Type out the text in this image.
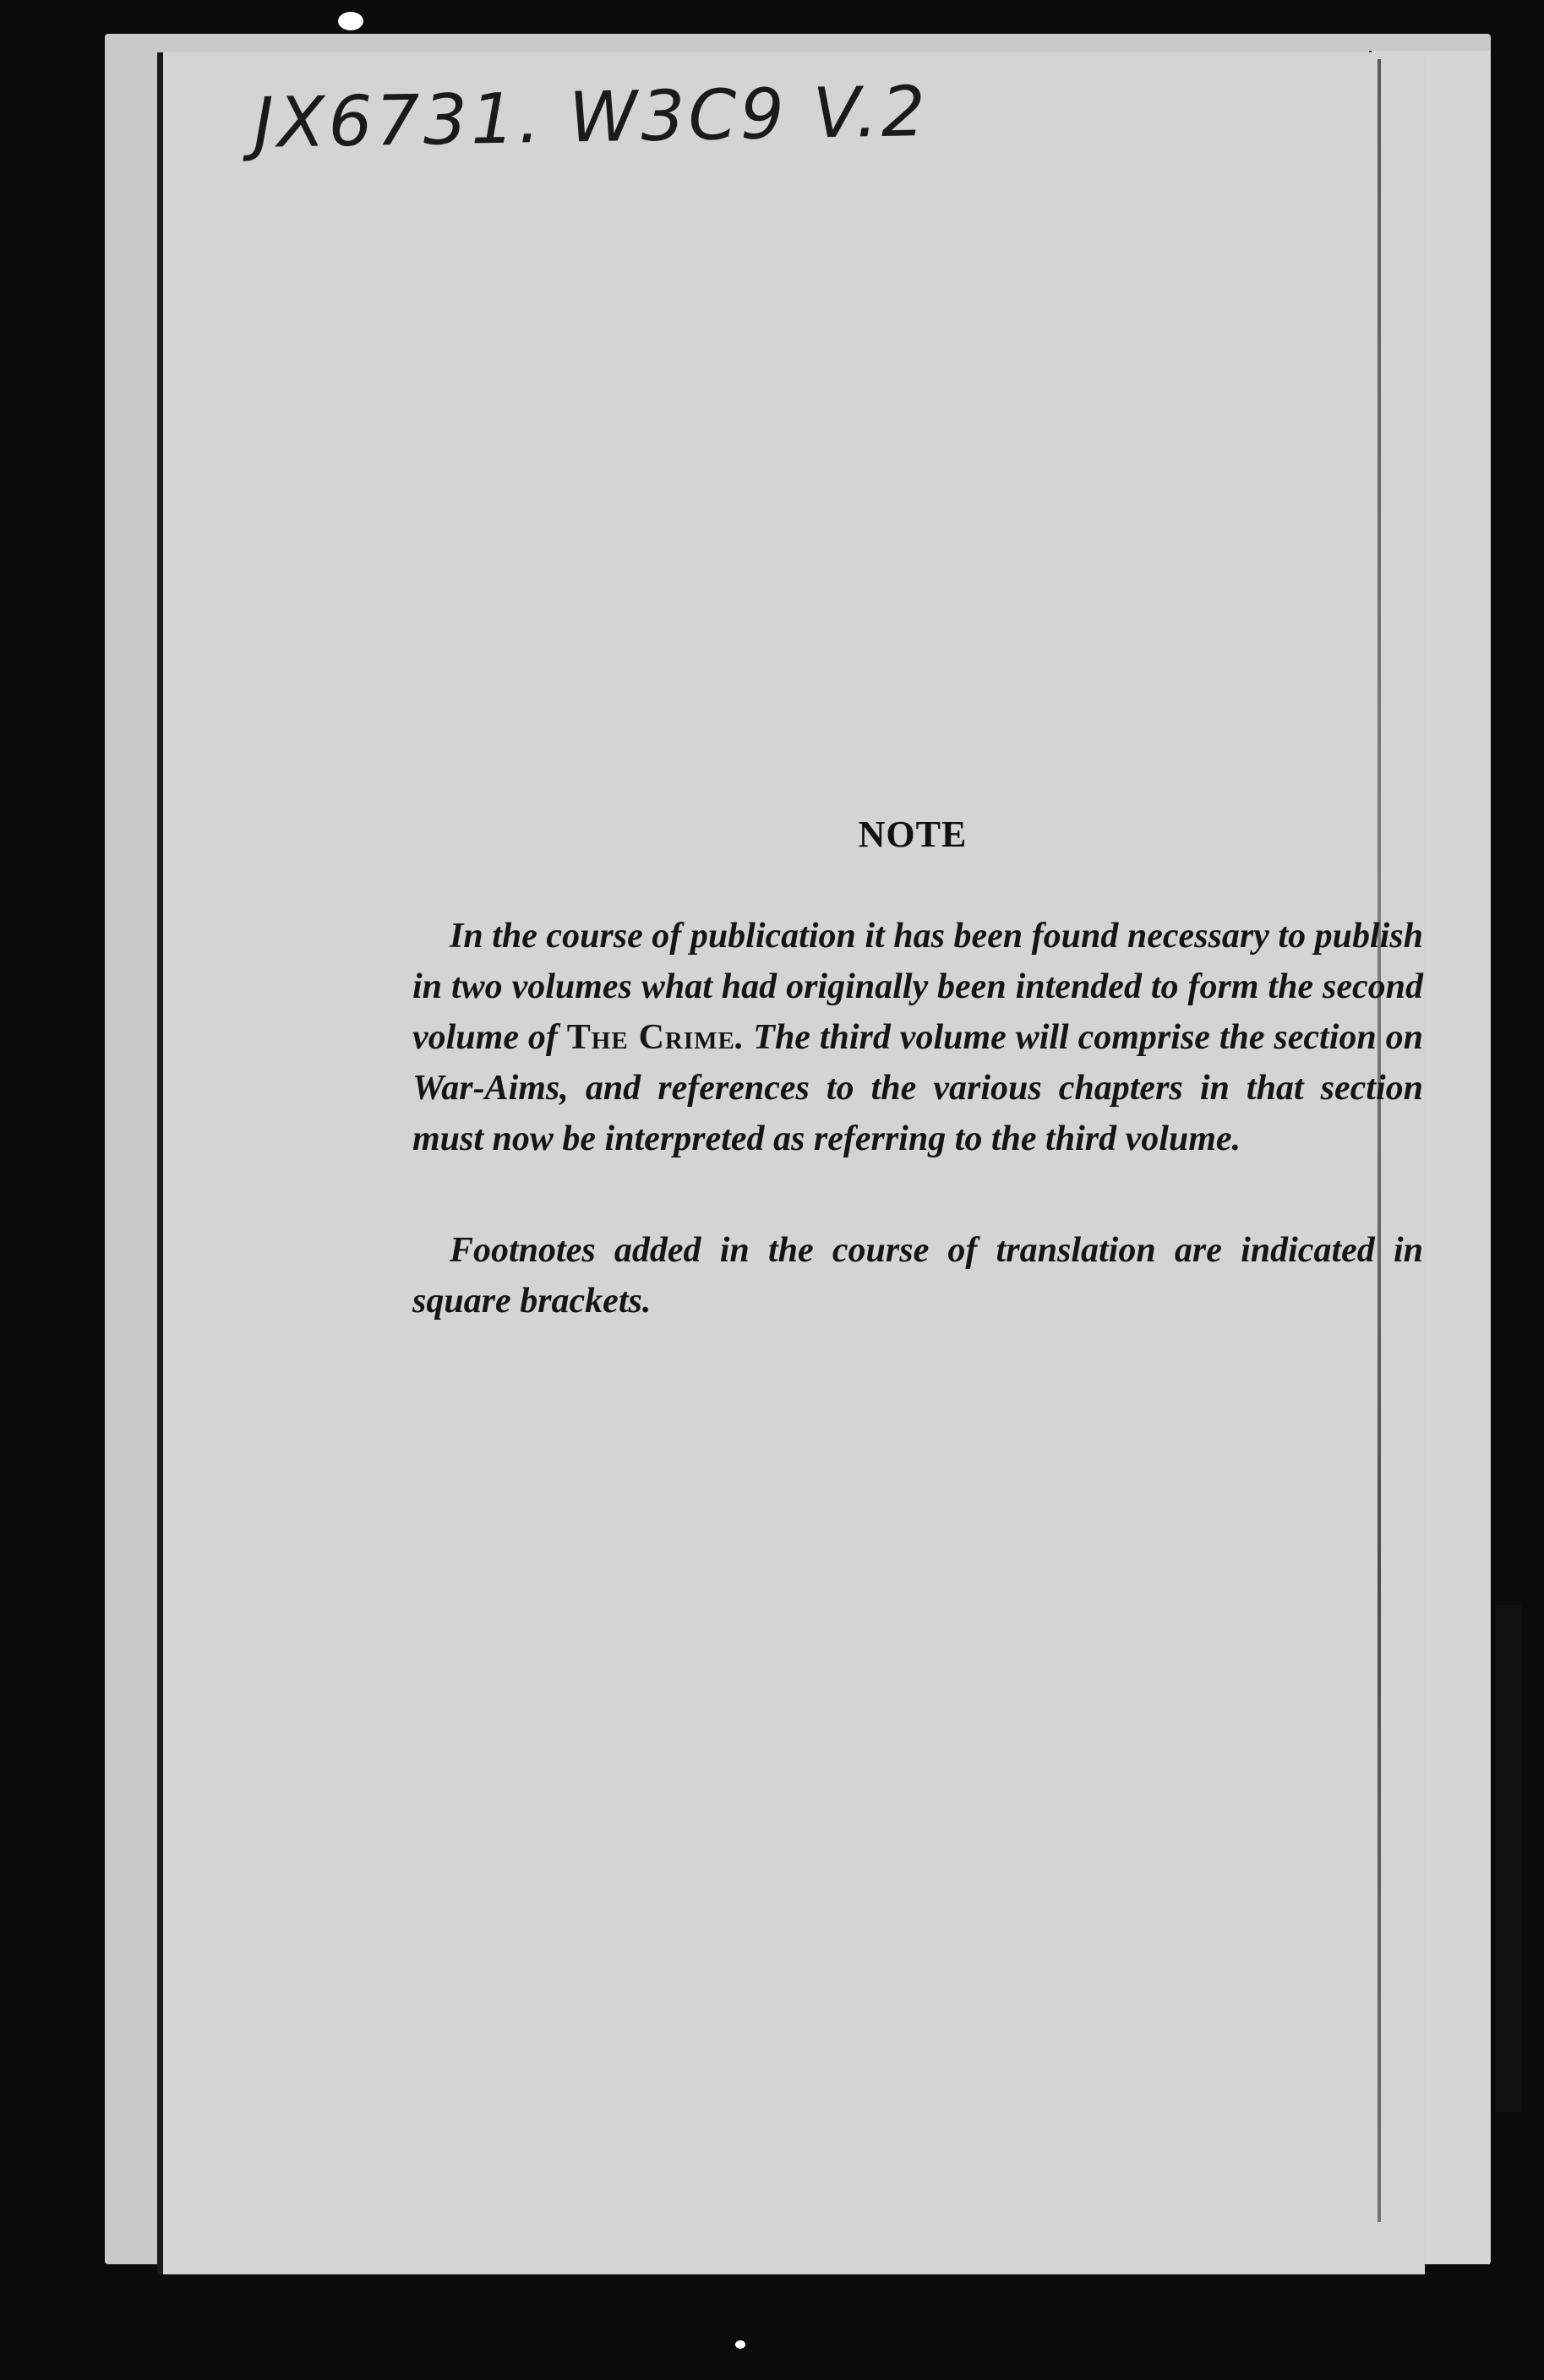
JX6731. W3C9 V.2
NOTE

In the course of publication it has been found necessary to publish in two volumes what had originally been intended to form the second volume of The Crime. The third volume will comprise the section on War-Aims, and references to the various chapters in that section must now be interpreted as referring to the third volume.

Footnotes added in the course of translation are indicated in square brackets.
